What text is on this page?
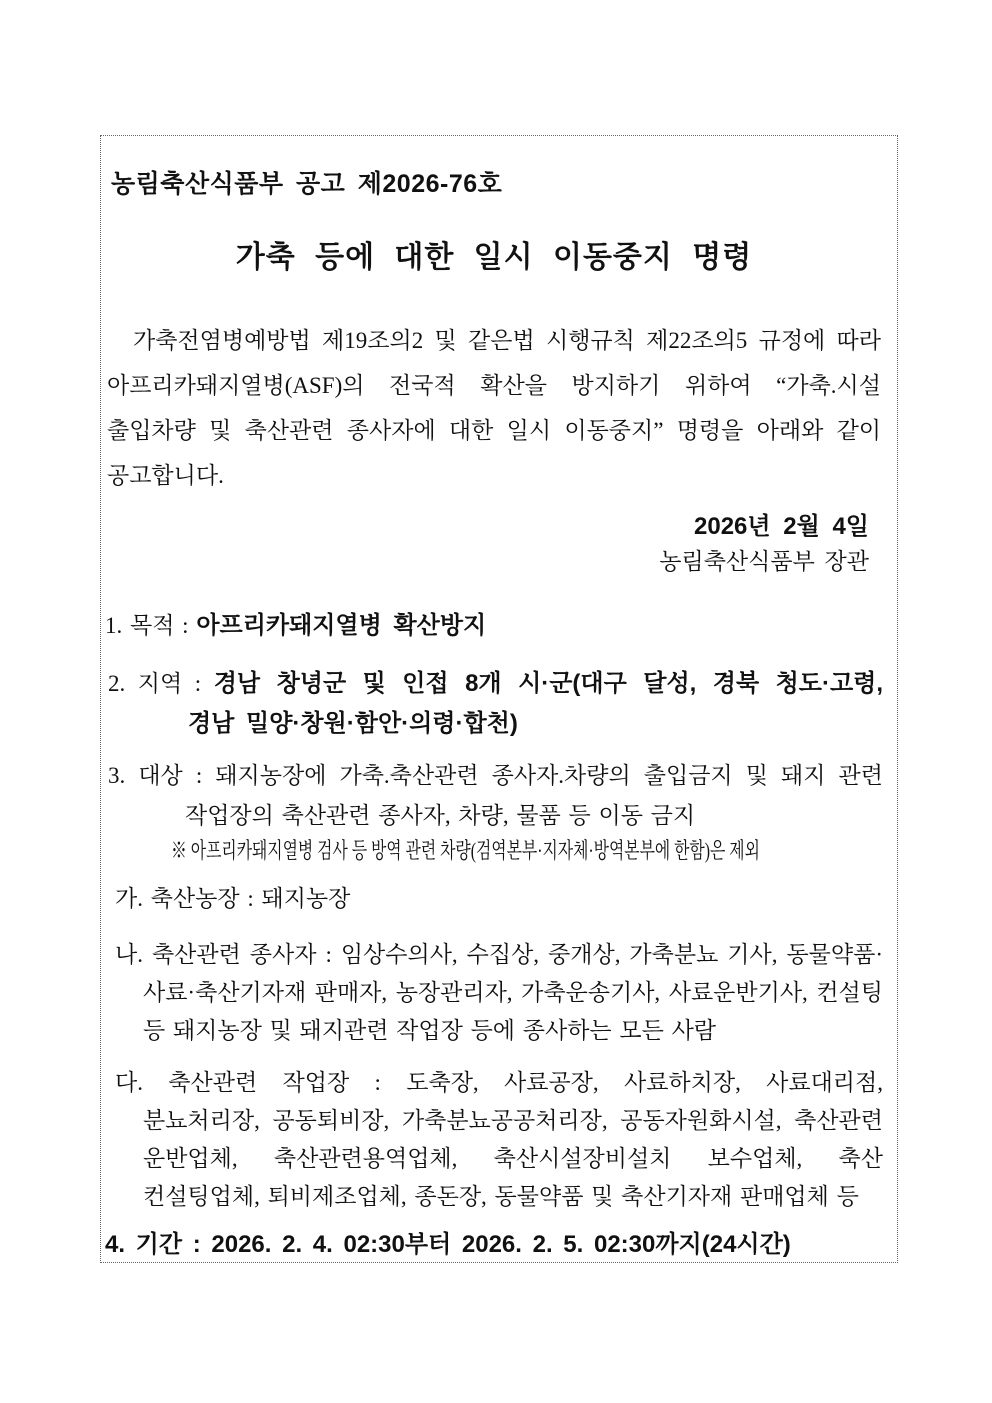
농림축산식품부 공고 제2026-76호
가축 등에 대한 일시 이동중지 명령

가축전염병예방법 제19조의2 및 같은법 시행규칙 제22조의5 규정에 따라 아프리카돼지열병(ASF)의 전국적 확산을 방지하기 위하여 “가축.시설 출입차량 및 축산관련 종사자에 대한 일시 이동중지” 명령을 아래와 같이 공고합니다.

2026년 2월 4일
농림축산식품부 장관
1. 목적 : 아프리카돼지열병 확산방지
2. 지역 : 경남 창녕군 및 인접 8개 시·군(대구 달성, 경북 청도·고령, 경남 밀양·창원·함안·의령·합천)
3. 대상 : 돼지농장에 가축.축산관련 종사자.차량의 출입금지 및 돼지 관련 작업장의 축산관련 종사자, 차량, 물품 등 이동 금지
※ 아프리카돼지열병 검사 등 방역 관련 차량(검역본부·지자체·방역본부에 한함)은 제외
가. 축산농장 : 돼지농장
나. 축산관련 종사자 : 임상수의사, 수집상, 중개상, 가축분뇨 기사, 동물약품·사료·축산기자재 판매자, 농장관리자, 가축운송기사, 사료운반기사, 컨설팅 등 돼지농장 및 돼지관련 작업장 등에 종사하는 모든 사람
다. 축산관련 작업장 : 도축장, 사료공장, 사료하치장, 사료대리점, 분뇨처리장, 공동퇴비장, 가축분뇨공공처리장, 공동자원화시설, 축산관련 운반업체, 축산관련용역업체, 축산시설장비설치 보수업체, 축산 컨설팅업체, 퇴비제조업체, 종돈장, 동물약품 및 축산기자재 판매업체 등
4. 기간 : 2026. 2. 4. 02:30부터 2026. 2. 5. 02:30까지(24시간)
